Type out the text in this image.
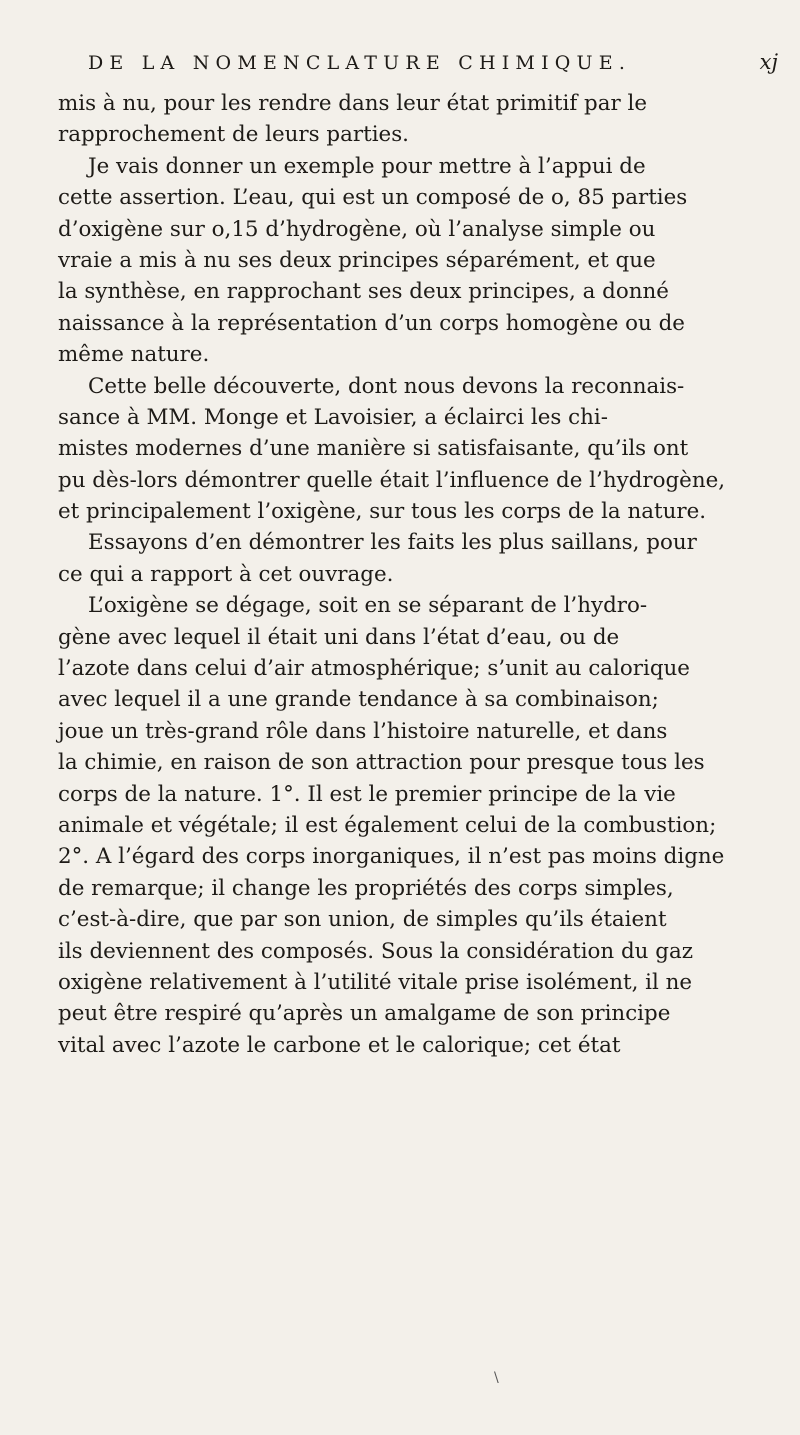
DE LA NOMENCLATURE CHIMIQUE.	xj
mis à nu, pour les rendre dans leur état primitif par le
rapprochement de leurs parties.
Je vais donner un exemple pour mettre à l’appui de
cette assertion. L’eau, qui est un composé de o, 85 parties
d’oxigène sur o,15 d’hydrogène, où l’analyse simple ou
vraie a mis à nu ses deux principes séparément, et que
la synthèse, en rapprochant ses deux principes, a donné
naissance à la représentation d’un corps homogène ou de
même nature.
Cette belle découverte, dont nous devons la reconnais-
sance à MM. Monge et Lavoisier, a éclairci les chi-
mistes modernes d’une manière si satisfaisante, qu’ils ont
pu dès-lors démontrer quelle était l’influence de l’hydrogène,
et principalement l’oxigène, sur tous les corps de la nature.
Essayons d’en démontrer les faits les plus saillans, pour
ce qui a rapport à cet ouvrage.
L’oxigène se dégage, soit en se séparant de l’hydro-
gène avec lequel il était uni dans l’état d’eau, ou de
l’azote dans celui d’air atmosphérique; s’unit au calorique
avec lequel il a une grande tendance à sa combinaison;
joue un très-grand rôle dans l’histoire naturelle, et dans
la chimie, en raison de son attraction pour presque tous les
corps de la nature. 1°. Il est le premier principe de la vie
animale et végétale; il est également celui de la combustion;
2°. A l’égard des corps inorganiques, il n’est pas moins digne
de remarque; il change les propriétés des corps simples,
c’est-à-dire, que par son union, de simples qu’ils étaient
ils deviennent des composés. Sous la considération du gaz
oxigène relativement à l’utilité vitale prise isolément, il ne
peut être respiré qu’après un amalgame de son principe
vital avec l’azote le carbone et le calorique; cet état
\
